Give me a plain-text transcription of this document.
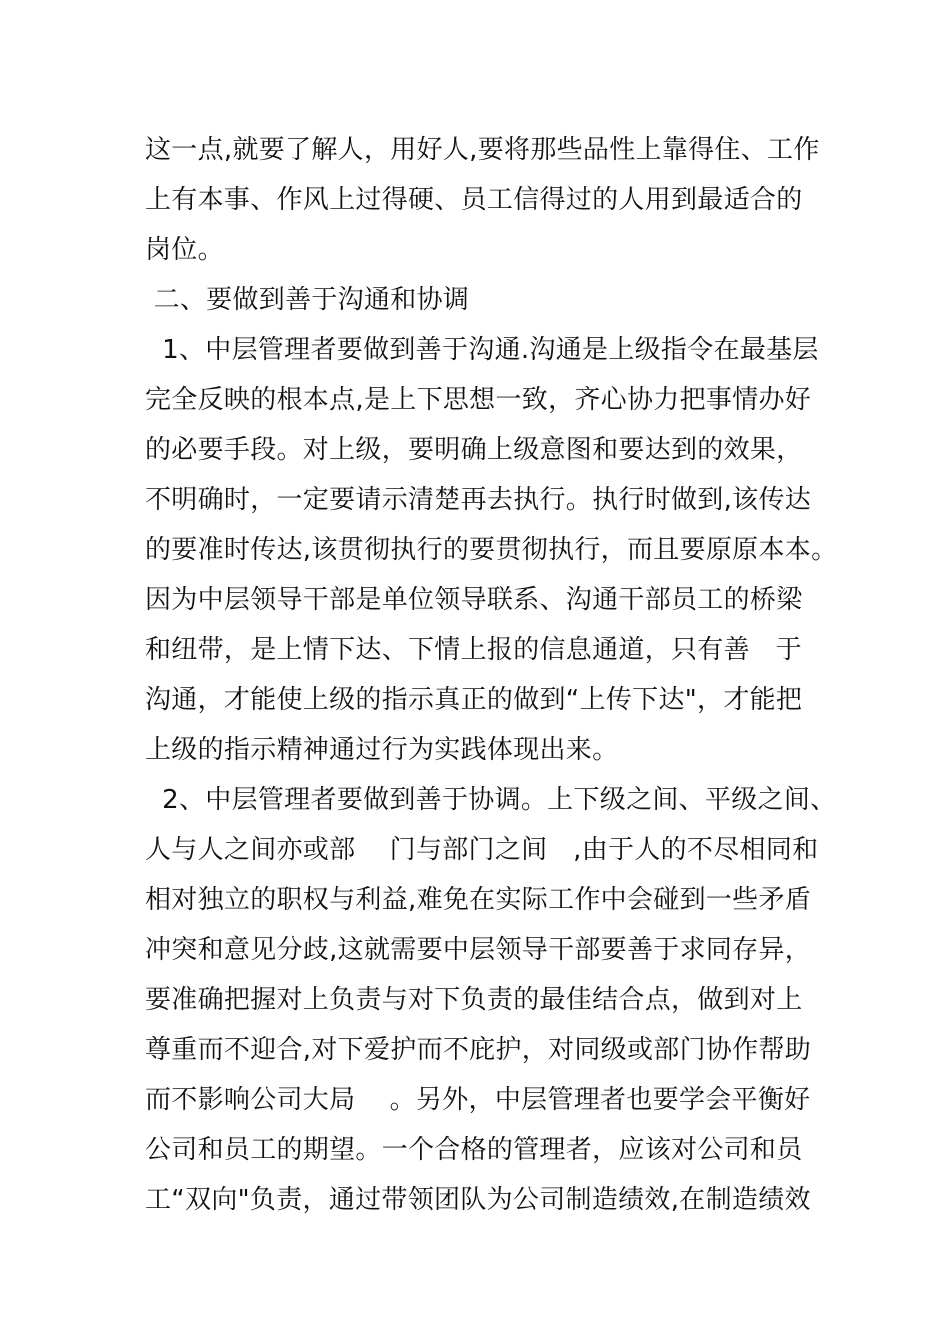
这一点,就要了解人，用好人,要将那些品性上靠得住、工作
上有本事、作风上过得硬、员工信得过的人用到最适合的
岗位。
二、要做到善于沟通和协调
1、中层管理者要做到善于沟通.沟通是上级指令在最基层
完全反映的根本点,是上下思想一致，齐心协力把事情办好
的必要手段。对上级，要明确上级意图和要达到的效果，
不明确时，一定要请示清楚再去执行。执行时做到,该传达
的要准时传达,该贯彻执行的要贯彻执行，而且要原原本本。
因为中层领导干部是单位领导联系、沟通干部员工的桥梁
和纽带，是上情下达、下情上报的信息通道，只有善   于
沟通，才能使上级的指示真正的做到“上传下达"，才能把
上级的指示精神通过行为实践体现出来。
2、中层管理者要做到善于协调。上下级之间、平级之间、
人与人之间亦或部    门与部门之间   ,由于人的不尽相同和
相对独立的职权与利益,难免在实际工作中会碰到一些矛盾
冲突和意见分歧,这就需要中层领导干部要善于求同存异，
要准确把握对上负责与对下负责的最佳结合点，做到对上
尊重而不迎合,对下爱护而不庇护，对同级或部门协作帮助
而不影响公司大局    。另外，中层管理者也要学会平衡好
公司和员工的期望。一个合格的管理者，应该对公司和员
工“双向"负责，通过带领团队为公司制造绩效,在制造绩效
